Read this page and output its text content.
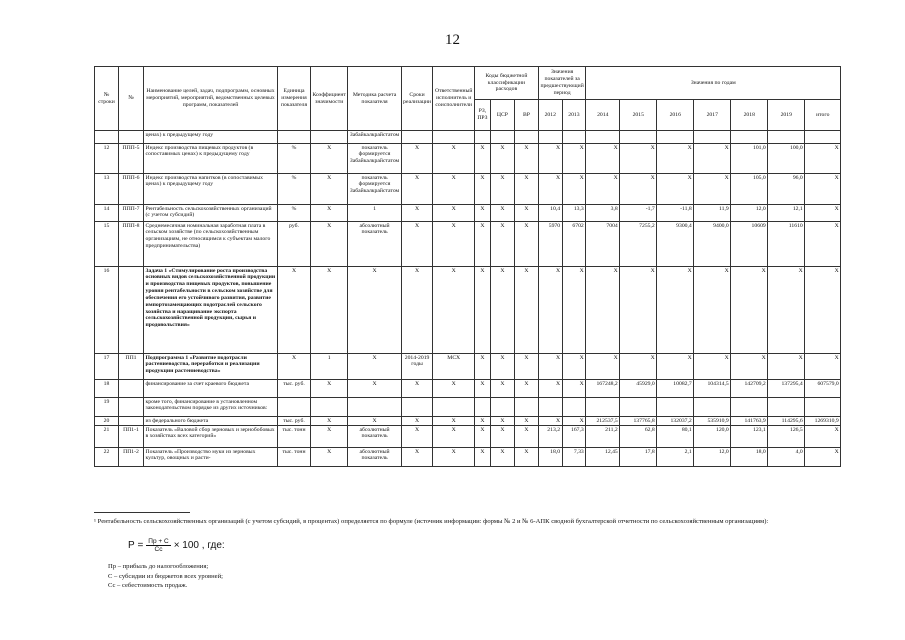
12
№ строки	№	Наименование целей, задач, подпрограмм, основных мероприятий, мероприятий, ведомственных целевых программ, показателей	Единица измерения показателя	Коэффициент значимости	Методика расчета показателя	Сроки реализации	Ответственный исполнитель и соисполнители	Коды бюджетной классификации расходов			Значения показателей за предшествующий период		Значения по годам						
								РЗ, ПРЗ	ЦСР	ВР	2012	2013	2014	2015	2016	2017	2018	2019	итого
		ценах) к предыдущему году			Забайкалкрайстатом														
12	ППП-5	Индекс производства пищевых продуктов (в сопоставимых ценах) к предыдущему году	%	Х	показатель формируется Забайкалкрайстатом	Х	Х	Х	Х	Х	Х	Х	Х	Х	Х	Х	101,0	100,0	Х
13	ППП-6	Индекс производства напитков (в сопоставимых ценах) к предыдущему году	%	Х	показатель формируется Забайкалкрайстатом	Х	Х	Х	Х	Х	Х	Х	Х	Х	Х	Х	105,0	96,0	Х
14	ППП-7	Рентабельность сельскохозяйственных организаций (с учетом субсидий)	%	Х	1	Х	Х	Х	Х	Х	10,4	13,3	3,8	-1,7	-11,8	11,9	12,0	12,1	Х
15	ППП-8	Среднемесячная номинальная заработная плата в сельском хозяйстве (по сельскохозяйственным организациям, не относящимся к субъектам малого предпринимательства)	руб.	Х	абсолютный показатель	Х	Х	Х	Х	Х	5970	6702	7004	7255,2	9300,4	9400,0	10609	11610	Х
16		Задача 1 «Стимулирование роста производства основных видов сельскохозяйственной продукции и производства пищевых продуктов, повышение уровня рентабельности в сельском хозяйстве для обеспечения его устойчивого развития, развитие импортозамещающих подотраслей сельского хозяйства и наращивание экспорта сельскохозяйственной продукции, сырья и продовольствия»	Х	Х	Х	Х	Х	Х	Х	Х	Х	Х	Х	Х	Х	Х	Х	Х	Х
17	ПП1	Подпрограмма 1 «Развитие подотрасли растениеводства, переработки и реализации продукции растениеводства»	Х	1	Х	2014-2019 годы	МСХ	Х	Х	Х	Х	Х	Х	Х	Х	Х	Х	Х	Х
18		финансирование за счет краевого бюджета	тыс. руб.	Х	Х	Х	Х	Х	Х	Х	Х	Х	167248,2	45929,0	10082,7	104314,5	142709,2	137295,4	607579,0
19		кроме того, финансирование в установленном законодательством порядке из других источников:																	
20		из федерального бюджета	тыс. руб.	Х	Х	Х	Х	Х	Х	Х	Х	Х	212537,5	137765,8	132037,2	535910,9	141763,9	114295,6	1269310,9
21	ПП1-1	Показатель «Валовой сбор зерновых и зернобобовых в хозяйствах всех категорий»	тыс. тонн	Х	абсолютный показатель	Х	Х	Х	Х	Х	213,2	167,3	211,2	62,8	80,1	120,0	123,1	126,5	Х
22	ПП1-2	Показатель «Производство муки из зерновых культур, овощных и расти-	тыс. тонн	Х	абсолютный показатель	Х	Х	Х	Х	Х	18,0	7,33	12,45	17,8	2,1	12,0	18,0	4,0	Х
¹ Рентабельность сельскохозяйственных организаций (с учетом субсидий, в процентах) определяется по формуле (источник информации: формы № 2 и № 6-АПК сводной бухгалтерской отчетности по сельскохозяйственным организациям):
$Р = \frac{Пр + С}{Сс} \times 100$ , где:
Пр – прибыль до налогообложения;
С – субсидии из бюджетов всех уровней;
Сс – себестоимость продаж.
